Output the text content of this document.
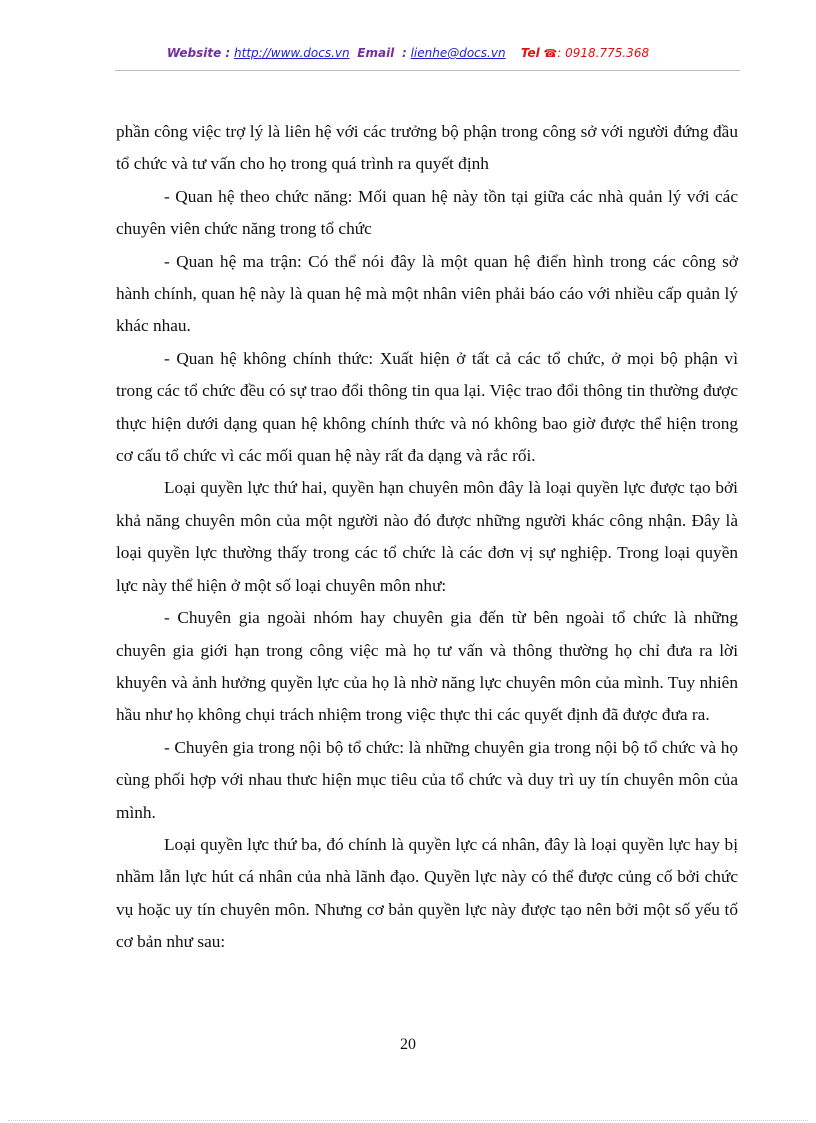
Website : http://www.docs.vn Email : lienhe@docs.vn Tel ☎: 0918.775.368

phần công việc trợ lý là liên hệ với các trưởng bộ phận trong công sở với người đứng đầu tổ chức và tư vấn cho họ trong quá trình ra quyết định

- Quan hệ theo chức năng: Mối quan hệ này tồn tại giữa các nhà quản lý với các chuyên viên chức năng trong tổ chức

- Quan hệ ma trận: Có thể nói đây là một quan hệ điển hình trong các công sở hành chính, quan hệ này là quan hệ mà một nhân viên phải báo cáo với nhiều cấp quản lý khác nhau.

- Quan hệ không chính thức: Xuất hiện ở tất cả các tổ chức, ở mọi bộ phận vì trong các tổ chức đều có sự trao đổi thông tin qua lại. Việc trao đổi thông tin thường được thực hiện dưới dạng quan hệ không chính thức và nó không bao giờ được thể hiện trong cơ cấu tổ chức vì các mối quan hệ này rất đa dạng và rắc rối.

Loại quyền lực thứ hai, quyền hạn chuyên môn đây là loại quyền lực được tạo bởi khả năng chuyên môn của một người nào đó được những người khác công nhận. Đây là loại quyền lực thường thấy trong các tổ chức là các đơn vị sự nghiệp. Trong loại quyền lực này thể hiện ở một số loại chuyên môn như:

- Chuyên gia ngoài nhóm hay chuyên gia đến từ bên ngoài tổ chức là những chuyên gia giới hạn trong công việc mà họ tư vấn và thông thường họ chỉ đưa ra lời khuyên và ảnh hưởng quyền lực của họ là nhờ năng lực chuyên môn của mình. Tuy nhiên hầu như họ không chụi trách nhiệm trong việc thực thi các quyết định đã được đưa ra.

- Chuyên gia trong nội bộ tổ chức: là những chuyên gia trong nội bộ tổ chức và họ cùng phối hợp với nhau thưc hiện mục tiêu của tổ chức và duy trì uy tín chuyên môn của mình.

Loại quyền lực thứ ba, đó chính là quyền lực cá nhân, đây là loại quyền lực hay bị nhầm lẫn lực hút cá nhân của nhà lãnh đạo. Quyền lực này có thể được củng cố bởi chức vụ hoặc uy tín chuyên môn. Nhưng cơ bản quyền lực này được tạo nên bởi một số yếu tố cơ bản như sau:

20
